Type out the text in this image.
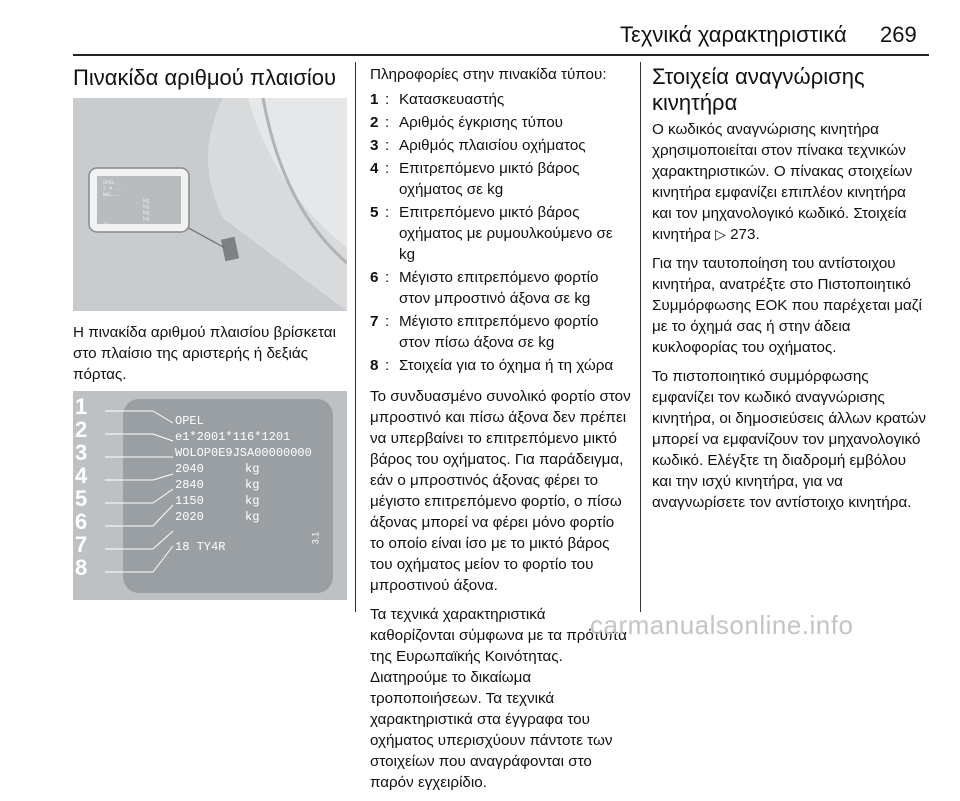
Τεχνικά χαρακτηριστικά 269
Πινακίδα αριθμού πλαισίου
OPEL
Z 4 ...
W0L...
kg
kg
kg
kg
TY

Η πινακίδα αριθμού πλαισίου βρίσκεται στο πλαίσιο της αριστερής ή δεξιάς πόρτας.

1
2
3
4
5
6
7
8
OPEL
e1*2001*116*1201
WOLOP0E9JSA00000000
2040	kg
2840	kg
1150	kg
2020	kg
18 TY4R
3.1

Πληροφορίες στην πινακίδα τύπου:

1 : Κατασκευαστής
2 : Αριθμός έγκρισης τύπου
3 : Αριθμός πλαισίου οχήματος
4 : Επιτρεπόμενο μικτό βάρος οχήματος σε kg
5 : Επιτρεπόμενο μικτό βάρος οχήματος με ρυμουλκούμενο σε kg
6 : Μέγιστο επιτρεπόμενο φορτίο στον μπροστινό άξονα σε kg
7 : Μέγιστο επιτρεπόμενο φορτίο στον πίσω άξονα σε kg
8 : Στοιχεία για το όχημα ή τη χώρα

Το συνδυασμένο συνολικό φορτίο στον μπροστινό και πίσω άξονα δεν πρέπει να υπερβαίνει το επιτρεπόμενο μικτό βάρος του οχήματος. Για παράδειγμα, εάν ο μπροστινός άξονας φέρει το μέγιστο επιτρεπόμενο φορτίο, ο πίσω άξονας μπορεί να φέρει μόνο φορτίο το οποίο είναι ίσο με το μικτό βάρος του οχήματος μείον το φορτίο του μπροστινού άξονα.

Τα τεχνικά χαρακτηριστικά καθορίζονται σύμφωνα με τα πρότυπα της Ευρωπαϊκής Κοινότητας. Διατηρούμε το δικαίωμα τροποποιήσεων. Τα τεχνικά χαρακτηριστικά στα έγγραφα του οχήματος υπερισχύουν πάντοτε των στοιχείων που αναγράφονται στο παρόν εγχειρίδιο.

Στοιχεία αναγνώρισης κινητήρα

Ο κωδικός αναγνώρισης κινητήρα χρησιμοποιείται στον πίνακα τεχνικών χαρακτηριστικών. Ο πίνακας στοιχείων κινητήρα εμφανίζει επιπλέον κινητήρα και τον μηχανολογικό κωδικό. Στοιχεία κινητήρα ▷ 273.

Για την ταυτοποίηση του αντίστοιχου κινητήρα, ανατρέξτε στο Πιστοποιητικό Συμμόρφωσης ΕΟΚ που παρέχεται μαζί με το όχημά σας ή στην άδεια κυκλοφορίας του οχήματος.

Το πιστοποιητικό συμμόρφωσης εμφανίζει τον κωδικό αναγνώρισης κινητήρα, οι δημοσιεύσεις άλλων κρατών μπορεί να εμφανίζουν τον μηχανολογικό κωδικό. Ελέγξτε τη διαδρομή εμβόλου και την ισχύ κινητήρα, για να αναγνωρίσετε τον αντίστοιχο κινητήρα.

carmanualsonline.info
